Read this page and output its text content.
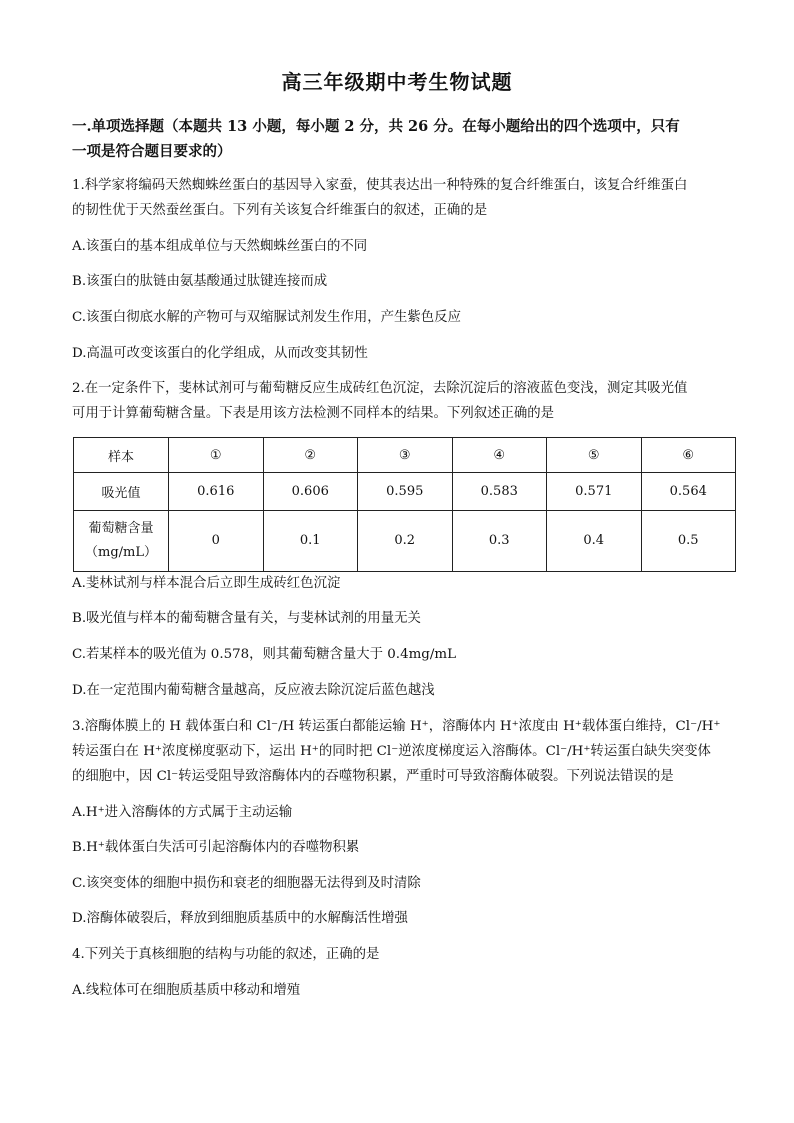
高三年级期中考生物试题
一.单项选择题（本题共 13 小题，每小题 2 分，共 26 分。在每小题给出的四个选项中，只有
一项是符合题目要求的）
1.科学家将编码天然蜘蛛丝蛋白的基因导入家蚕，使其表达出一种特殊的复合纤维蛋白，该复合纤维蛋白
的韧性优于天然蚕丝蛋白。下列有关该复合纤维蛋白的叙述，正确的是
A.该蛋白的基本组成单位与天然蜘蛛丝蛋白的不同
B.该蛋白的肽链由氨基酸通过肽键连接而成
C.该蛋白彻底水解的产物可与双缩脲试剂发生作用，产生紫色反应
D.高温可改变该蛋白的化学组成，从而改变其韧性
2.在一定条件下，斐林试剂可与葡萄糖反应生成砖红色沉淀，去除沉淀后的溶液蓝色变浅，测定其吸光值
可用于计算葡萄糖含量。下表是用该方法检测不同样本的结果。下列叙述正确的是
样本	①	②	③	④	⑤	⑥
吸光值	0.616	0.606	0.595	0.583	0.571	0.564

葡萄糖含量
（mg/mL）	0	0.1	0.2	0.3	0.4	0.5
A.斐林试剂与样本混合后立即生成砖红色沉淀
B.吸光值与样本的葡萄糖含量有关，与斐林试剂的用量无关
C.若某样本的吸光值为 0.578，则其葡萄糖含量大于 0.4mg/mL
D.在一定范围内葡萄糖含量越高，反应液去除沉淀后蓝色越浅
3.溶酶体膜上的 H 载体蛋白和 Cl⁻/H 转运蛋白都能运输 H⁺，溶酶体内 H⁺浓度由 H⁺载体蛋白维持，Cl⁻/H⁺
转运蛋白在 H⁺浓度梯度驱动下，运出 H⁺的同时把 Cl⁻逆浓度梯度运入溶酶体。Cl⁻/H⁺转运蛋白缺失突变体
的细胞中，因 Cl⁻转运受阻导致溶酶体内的吞噬物积累，严重时可导致溶酶体破裂。下列说法错误的是
A.H⁺进入溶酶体的方式属于主动运输
B.H⁺载体蛋白失活可引起溶酶体内的吞噬物积累
C.该突变体的细胞中损伤和衰老的细胞器无法得到及时清除
D.溶酶体破裂后，释放到细胞质基质中的水解酶活性增强
4.下列关于真核细胞的结构与功能的叙述，正确的是
A.线粒体可在细胞质基质中移动和增殖
